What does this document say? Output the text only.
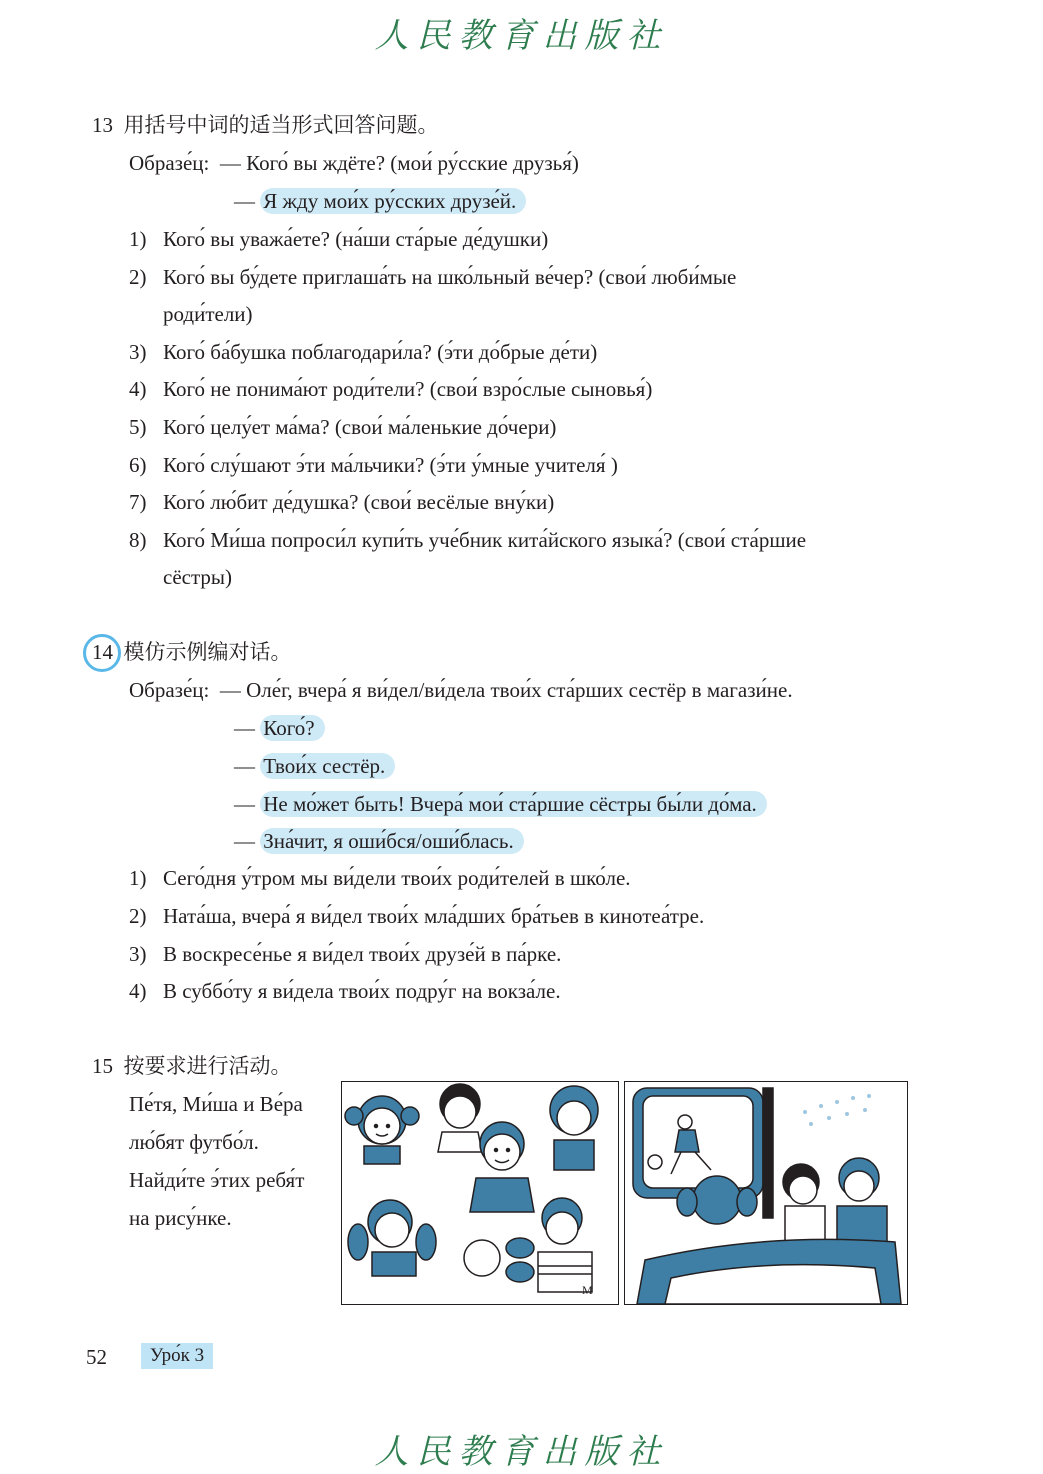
人民教育出版社
13 用括号中词的适当形式回答问题。
Образе́ц: — Кого́ вы ждёте? (мои́ ру́сские друзья́)
— Я жду мои́х ру́сских друзе́й.
1) Кого́ вы уважа́ете? (на́ши ста́рые де́душки)
2) Кого́ вы бу́дете приглаша́ть на шко́льный ве́чер? (свои́ люби́мые
роди́тели)
3) Кого́ ба́бушка поблагодари́ла? (э́ти до́брые де́ти)
4) Кого́ не понима́ют роди́тели? (свои́ взро́слые сыновья́)
5) Кого́ целу́ет ма́ма? (свои́ ма́ленькие до́чери)
6) Кого́ слу́шают э́ти ма́льчики? (э́ти у́мные учителя́ )
7) Кого́ лю́бит де́душка? (свои́ весёлые вну́ки)
8) Кого́ Ми́ша попроси́л купи́ть уче́бник кита́йского языка́? (свои́ ста́ршие
сёстры)
14 模仿示例编对话。
Образе́ц: — Оле́г, вчера́ я ви́дел/ви́дела твои́х ста́рших сестёр в магази́не.
— Кого́?
— Твои́х сестёр.
— Не мо́жет быть! Вчера́ мои́ ста́ршие сёстры бы́ли до́ма.
— Зна́чит, я оши́бся/оши́блась.
1) Сего́дня у́тром мы ви́дели твои́х роди́телей в шко́ле.
2) Ната́ша, вчера́ я ви́дел твои́х мла́дших бра́тьев в кинотеа́тре.
3) В воскресе́нье я ви́дел твои́х друзе́й в па́рке.
4) В суббо́ту я ви́дела твои́х подру́г на вокза́ле.
15 按要求进行活动。
Пе́тя, Ми́ша и Ве́ра
лю́бят футбо́л.
Найди́те э́тих ребя́т
на рису́нке.
М
52	Уро́к 3
人民教育出版社
